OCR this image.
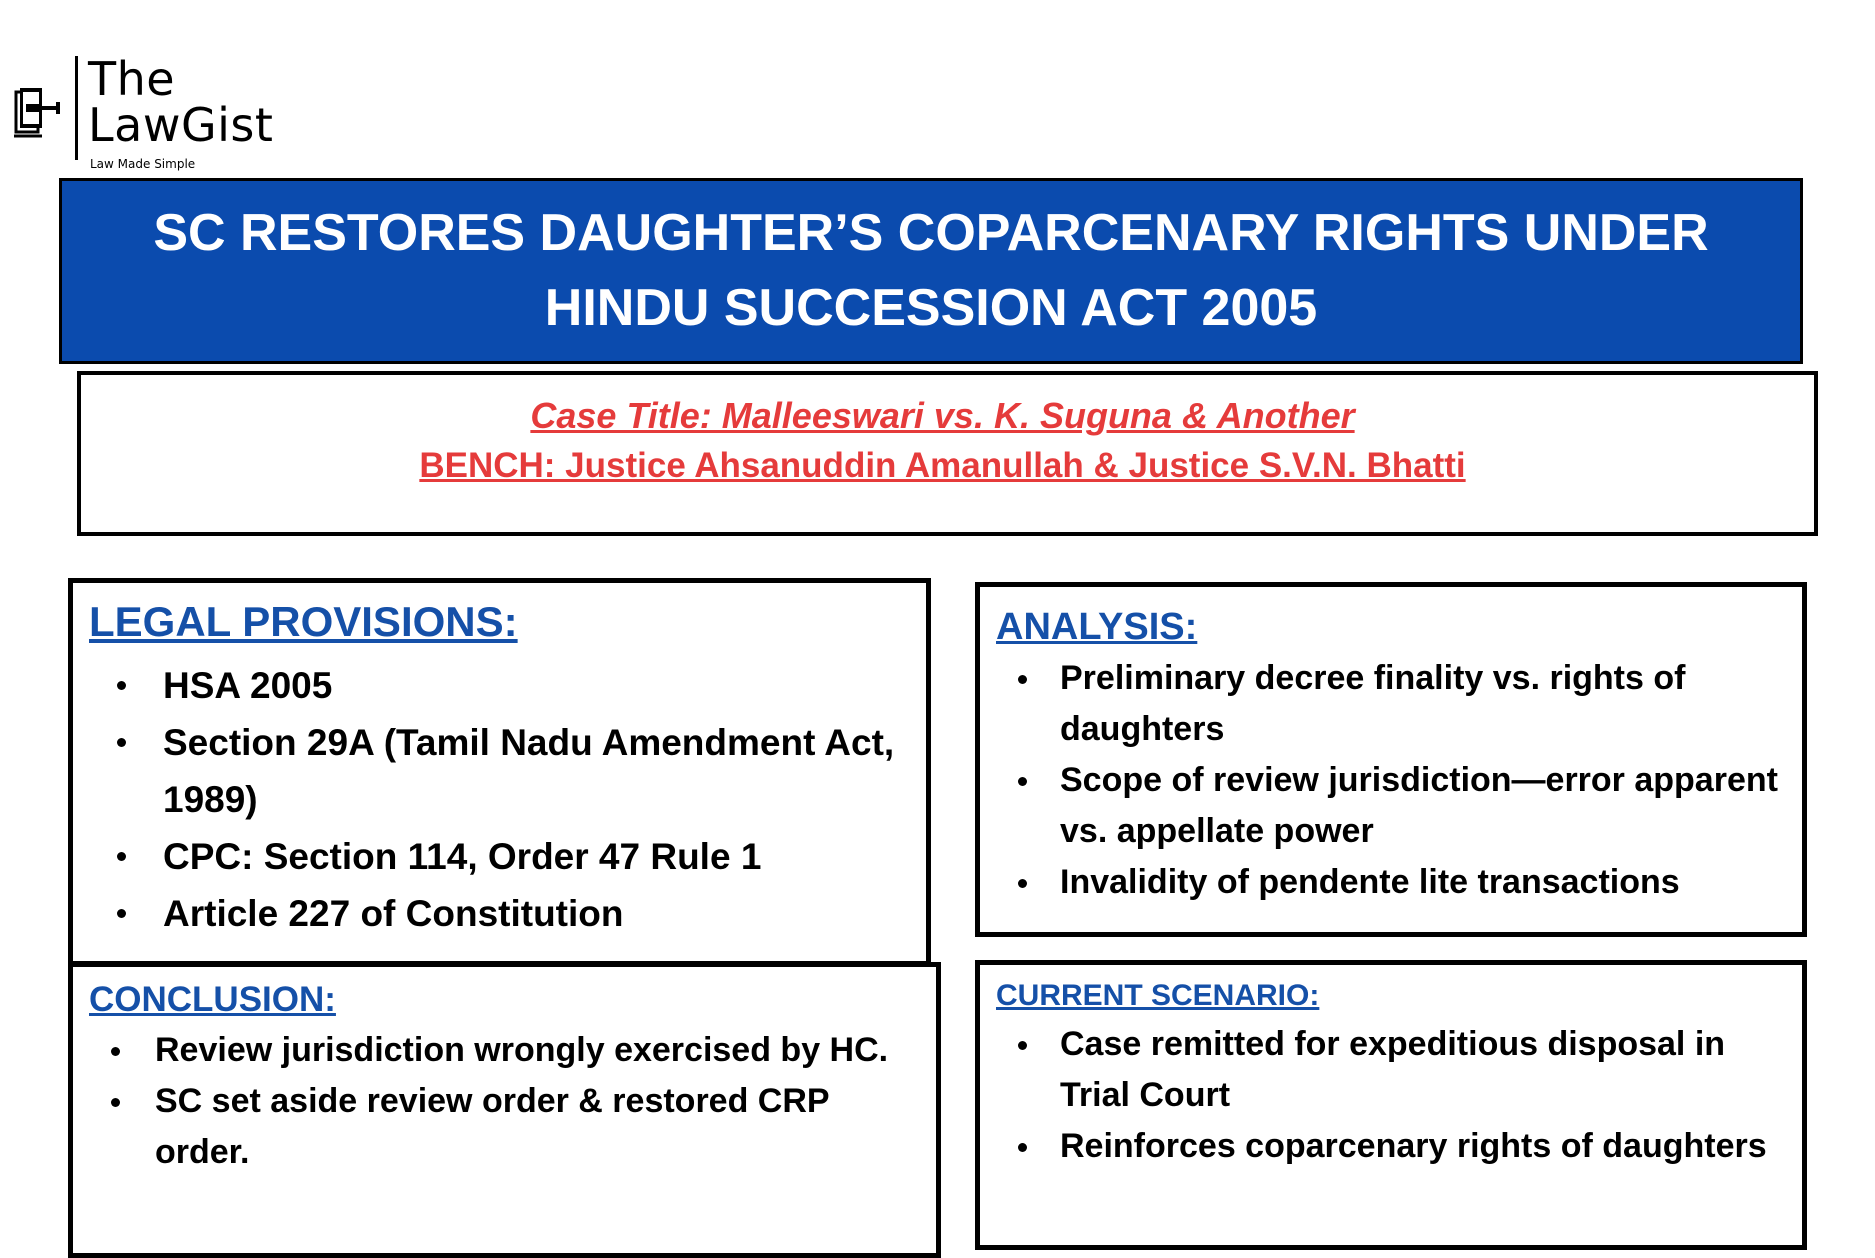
The
LawGist
Law Made Simple
SC RESTORES DAUGHTER’S COPARCENARY RIGHTS UNDER HINDU SUCCESSION ACT 2005
Case Title: Malleeswari vs. K. Suguna & Another
BENCH: Justice Ahsanuddin Amanullah & Justice S.V.N. Bhatti
LEGAL PROVISIONS:
HSA 2005
Section 29A (Tamil Nadu Amendment Act, 1989)
CPC: Section 114, Order 47 Rule 1
Article 227 of Constitution
ANALYSIS:
Preliminary decree finality vs. rights of daughters
Scope of review jurisdiction—error apparent vs. appellate power
Invalidity of pendente lite transactions
CONCLUSION:
Review jurisdiction wrongly exercised by HC.
SC set aside review order & restored CRP order.
CURRENT SCENARIO:
Case remitted for expeditious disposal in Trial Court
Reinforces coparcenary rights of daughters
